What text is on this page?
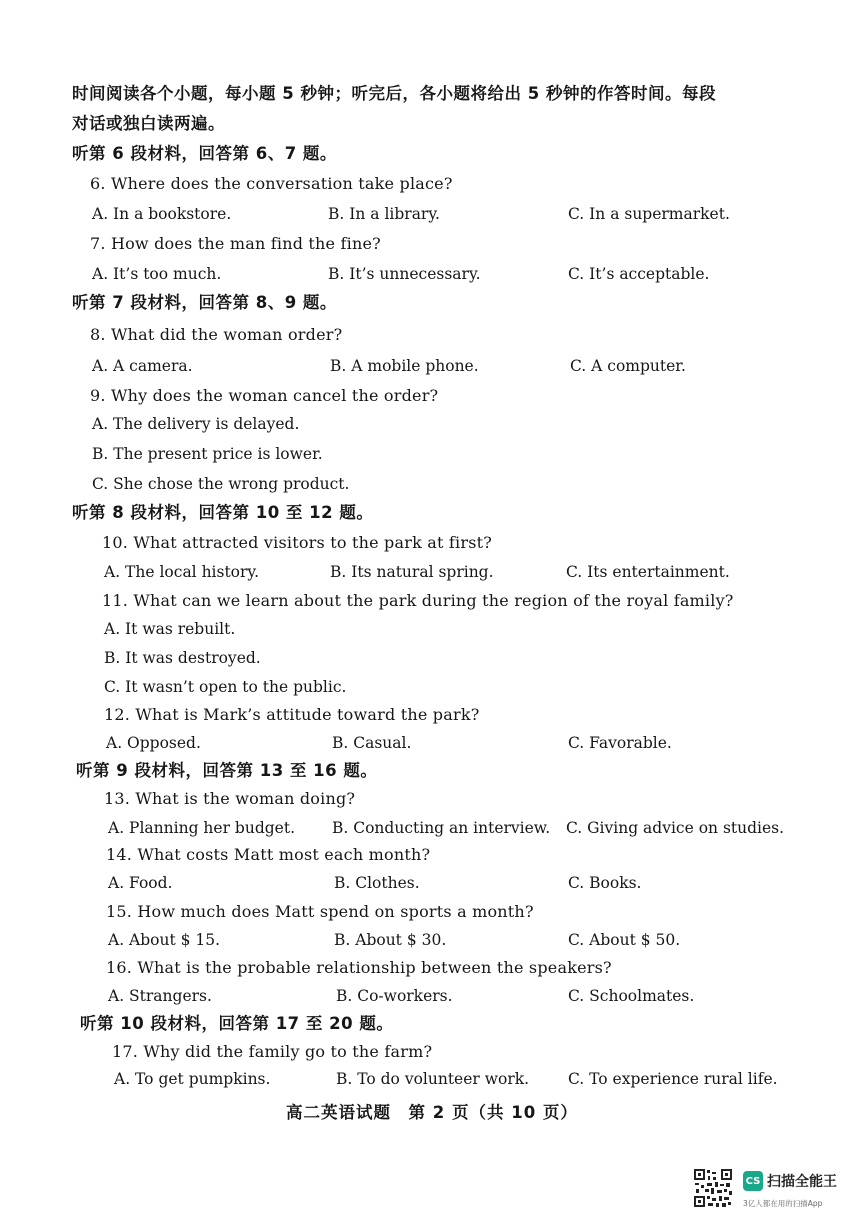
时间阅读各个小题，每小题 5 秒钟；听完后，各小题将给出 5 秒钟的作答时间。每段
对话或独白读两遍。
听第 6 段材料，回答第 6、7 题。
6. Where does the conversation take place?
A. In a bookstore.	B. In a library.	C. In a supermarket.
7. How does the man find the fine?
A. It’s too much.	B. It’s unnecessary.	C. It’s acceptable.
听第 7 段材料，回答第 8、9 题。
8. What did the woman order?
A. A camera.	B. A mobile phone.	C. A computer.
9. Why does the woman cancel the order?
A. The delivery is delayed.
B. The present price is lower.
C. She chose the wrong product.
听第 8 段材料，回答第 10 至 12 题。
10. What attracted visitors to the park at first?
A. The local history.	B. Its natural spring.	C. Its entertainment.
11. What can we learn about the park during the region of the royal family?
A. It was rebuilt.
B. It was destroyed.
C. It wasn’t open to the public.
12. What is Mark’s attitude toward the park?
A. Opposed.	B. Casual.	C. Favorable.
听第 9 段材料，回答第 13 至 16 题。
13. What is the woman doing?
A. Planning her budget. B. Conducting an interview. C. Giving advice on studies.
14. What costs Matt most each month?
A. Food.	B. Clothes.	C. Books.
15. How much does Matt spend on sports a month?
A. About $ 15.	B. About $ 30.	C. About $ 50.
16. What is the probable relationship between the speakers?
A. Strangers.	B. Co-workers.	C. Schoolmates.
听第 10 段材料，回答第 17 至 20 题。
17. Why did the family go to the farm?
A. To get pumpkins.	B. To do volunteer work.	C. To experience rural life.
高二英语试题　第 2 页（共 10 页）
CS 扫描全能王
3亿人都在用的扫描App
